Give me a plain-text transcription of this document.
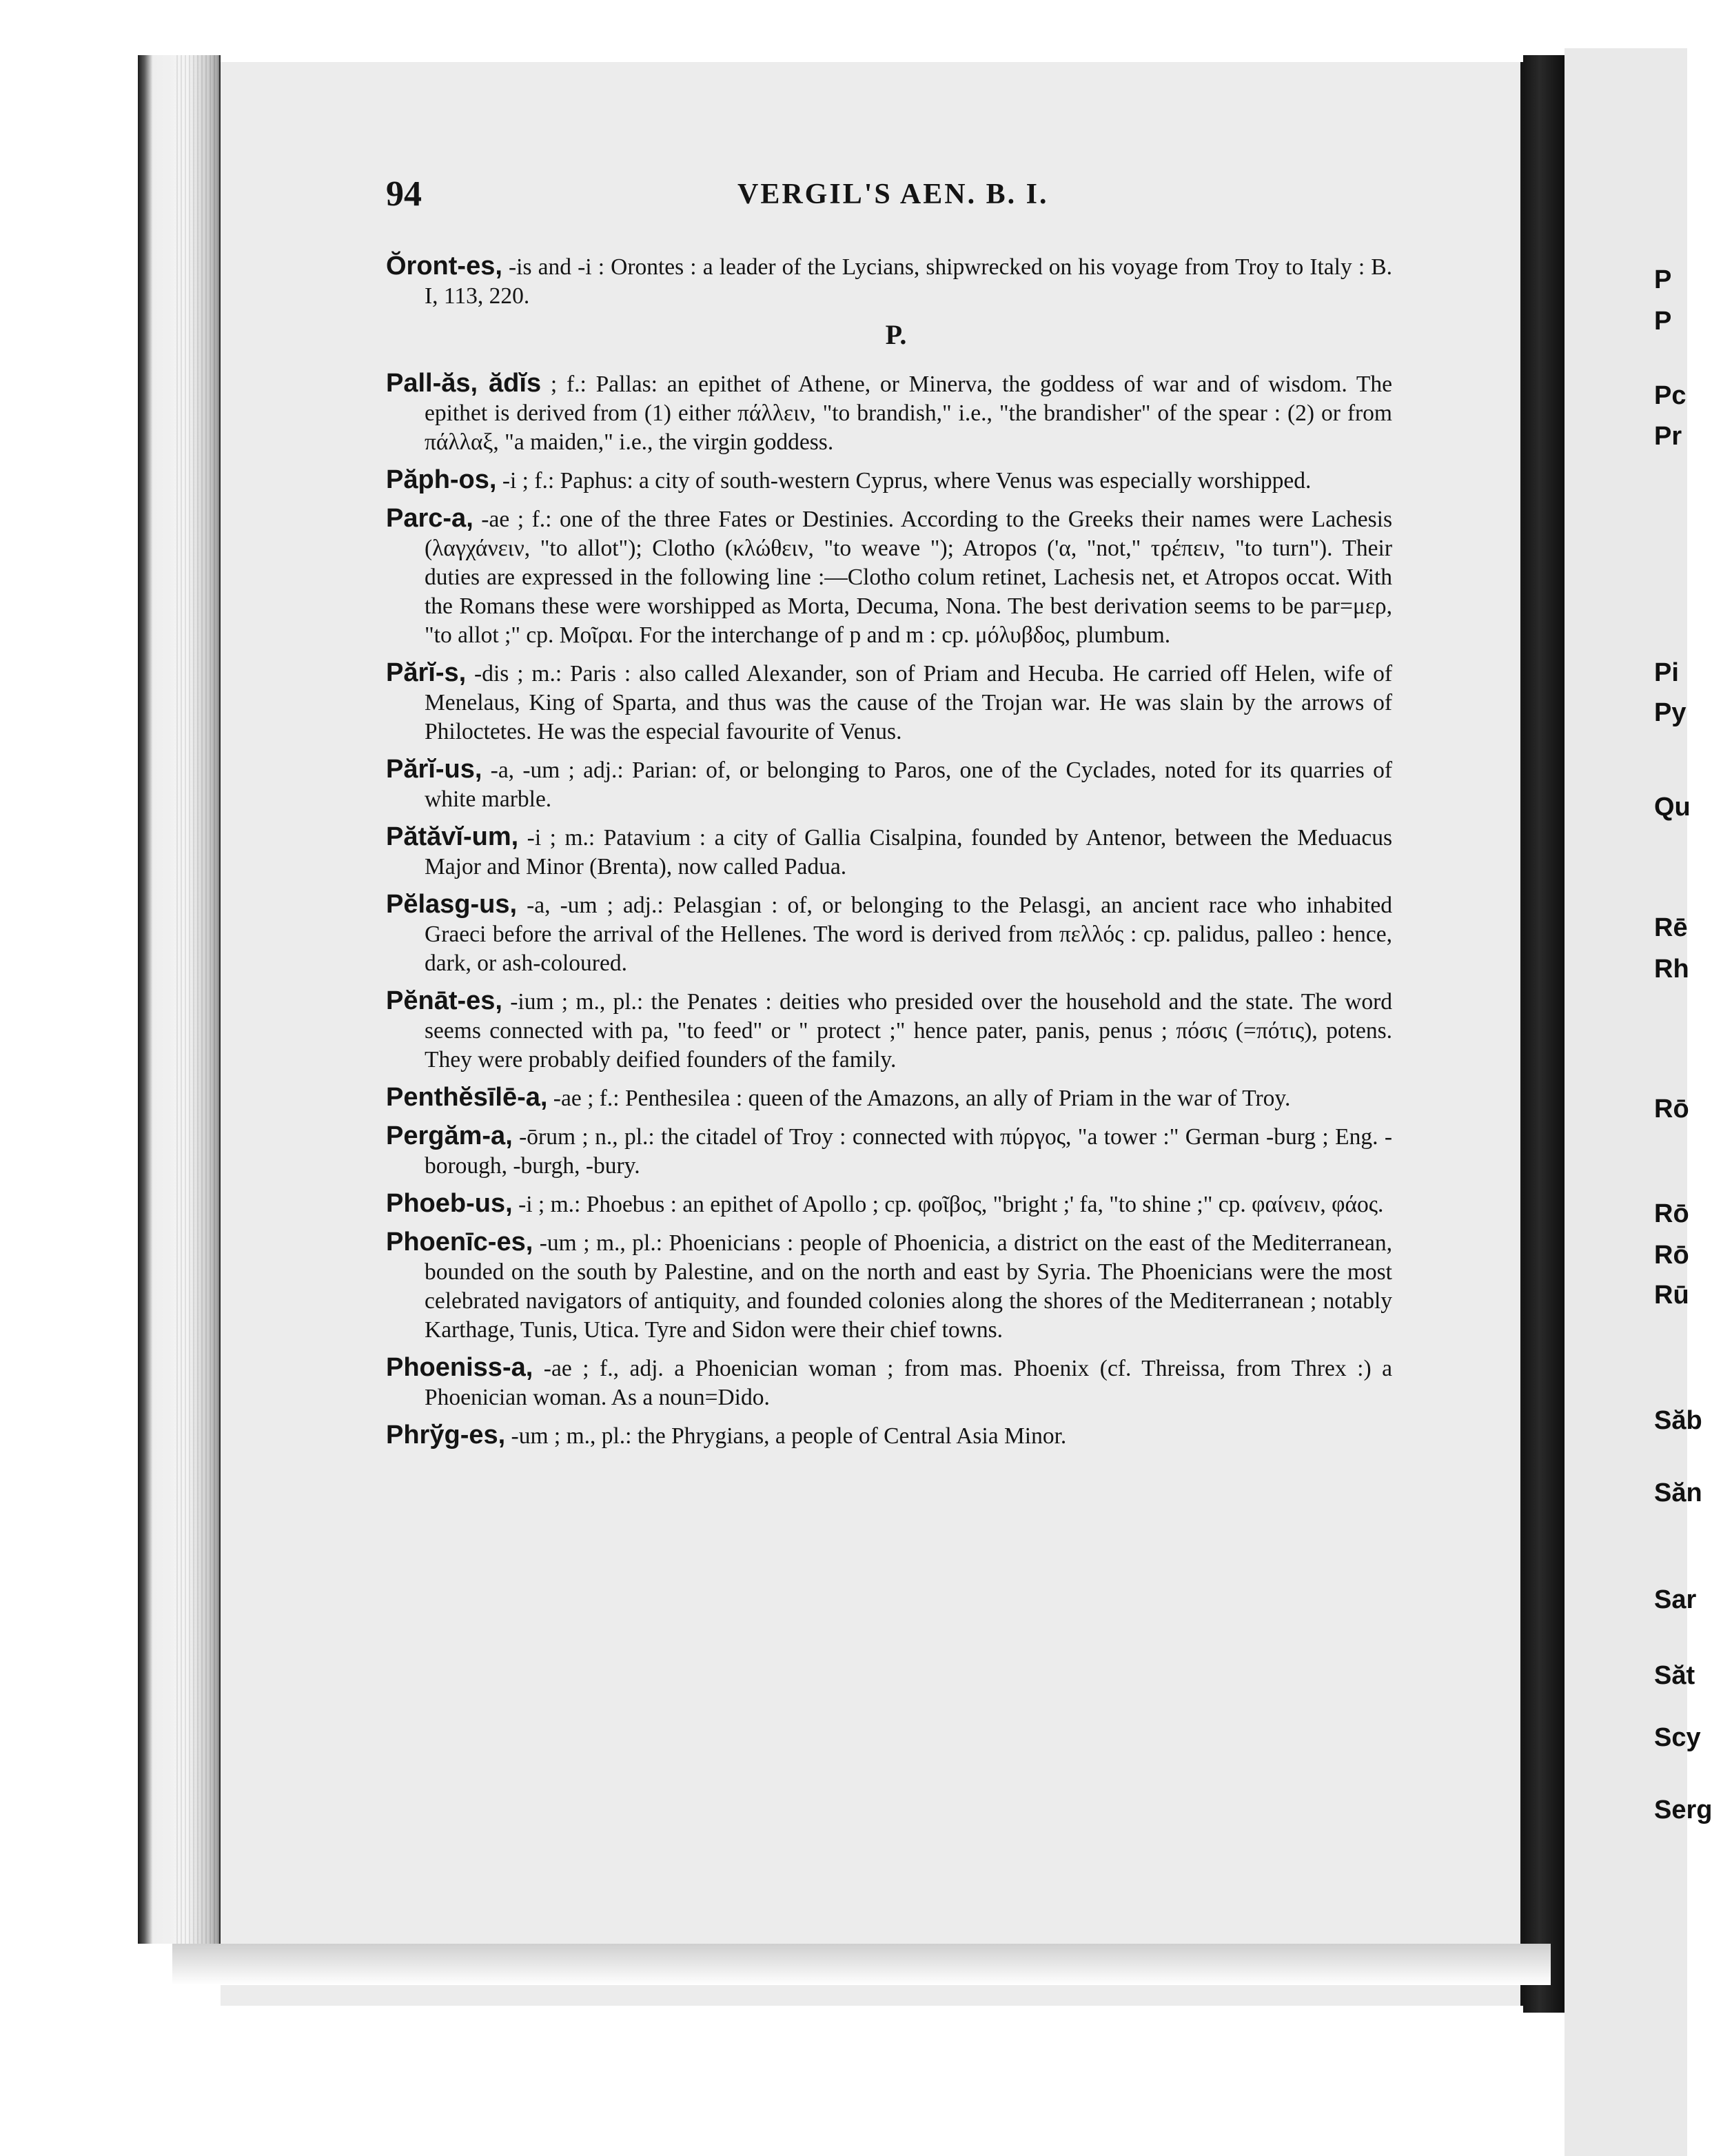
94	VERGIL'S AEN. B. I.

Ŏront-es, -is and -i : Orontes : a leader of the Lycians, shipwrecked on his voyage from Troy to Italy : B. I, 113, 220.

P.

Pall-ăs, ădĭs ; f.: Pallas: an epithet of Athene, or Minerva, the goddess of war and of wisdom. The epithet is derived from (1) either πάλλειν, "to brandish," i.e., "the brandisher" of the spear : (2) or from πάλλαξ, "a maiden," i.e., the virgin goddess.

Păph-os, -i ; f.: Paphus: a city of south-western Cyprus, where Venus was especially worshipped.

Parc-a, -ae ; f.: one of the three Fates or Destinies. According to the Greeks their names were Lachesis (λαγχάνειν, "to allot"); Clotho (κλώθειν, "to weave "); Atropos ('α, "not," τρέπειν, "to turn"). Their duties are expressed in the following line :—Clotho colum retinet, Lachesis net, et Atropos occat. With the Romans these were worshipped as Morta, Decuma, Nona. The best derivation seems to be par=μερ, "to allot ;" cp. Μοῖραι. For the interchange of p and m : cp. μόλυβδος, plumbum.

Părĭ-s, -dis ; m.: Paris : also called Alexander, son of Priam and Hecuba. He carried off Helen, wife of Menelaus, King of Sparta, and thus was the cause of the Trojan war. He was slain by the arrows of Philoctetes. He was the especial favourite of Venus.

Părĭ-us, -a, -um ; adj.: Parian: of, or belonging to Paros, one of the Cyclades, noted for its quarries of white marble.

Pătăvĭ-um, -i ; m.: Patavium : a city of Gallia Cisalpina, founded by Antenor, between the Meduacus Major and Minor (Brenta), now called Padua.

Pĕlasg-us, -a, -um ; adj.: Pelasgian : of, or belonging to the Pelasgi, an ancient race who inhabited Graeci before the arrival of the Hellenes. The word is derived from πελλός : cp. palidus, palleo : hence, dark, or ash-coloured.

Pĕnāt-es, -ium ; m., pl.: the Penates : deities who presided over the household and the state. The word seems connected with pa, "to feed" or " protect ;" hence pater, panis, penus ; πόσις (=πότις), potens. They were probably deified founders of the family.

Penthĕsīlē-a, -ae ; f.: Penthesilea : queen of the Amazons, an ally of Priam in the war of Troy.

Pergăm-a, -ōrum ; n., pl.: the citadel of Troy : connected with πύργος, "a tower :" German -burg ; Eng. -borough, -burgh, -bury.

Phoeb-us, -i ; m.: Phoebus : an epithet of Apollo ; cp. φοῖβος, "bright ;' fa, "to shine ;" cp. φαίνειν, φάος.

Phoenīc-es, -um ; m., pl.: Phoenicians : people of Phoenicia, a district on the east of the Mediterranean, bounded on the south by Palestine, and on the north and east by Syria. The Phoenicians were the most celebrated navigators of antiquity, and founded colonies along the shores of the Mediterranean ; notably Karthage, Tunis, Utica. Tyre and Sidon were their chief towns.

Phoeniss-a, -ae ; f., adj. a Phoenician woman ; from mas. Phoenix (cf. Threissa, from Threx :) a Phoenician woman. As a noun=Dido.

Phrўg-es, -um ; m., pl.: the Phrygians, a people of Central Asia Minor.

P
P
Pc
Pr
Pi
Py
Qu
Rē
Rh
Rō
Rō
Rō
Rū
Săb
Săn
Sar
Săt
Scy
Serg
